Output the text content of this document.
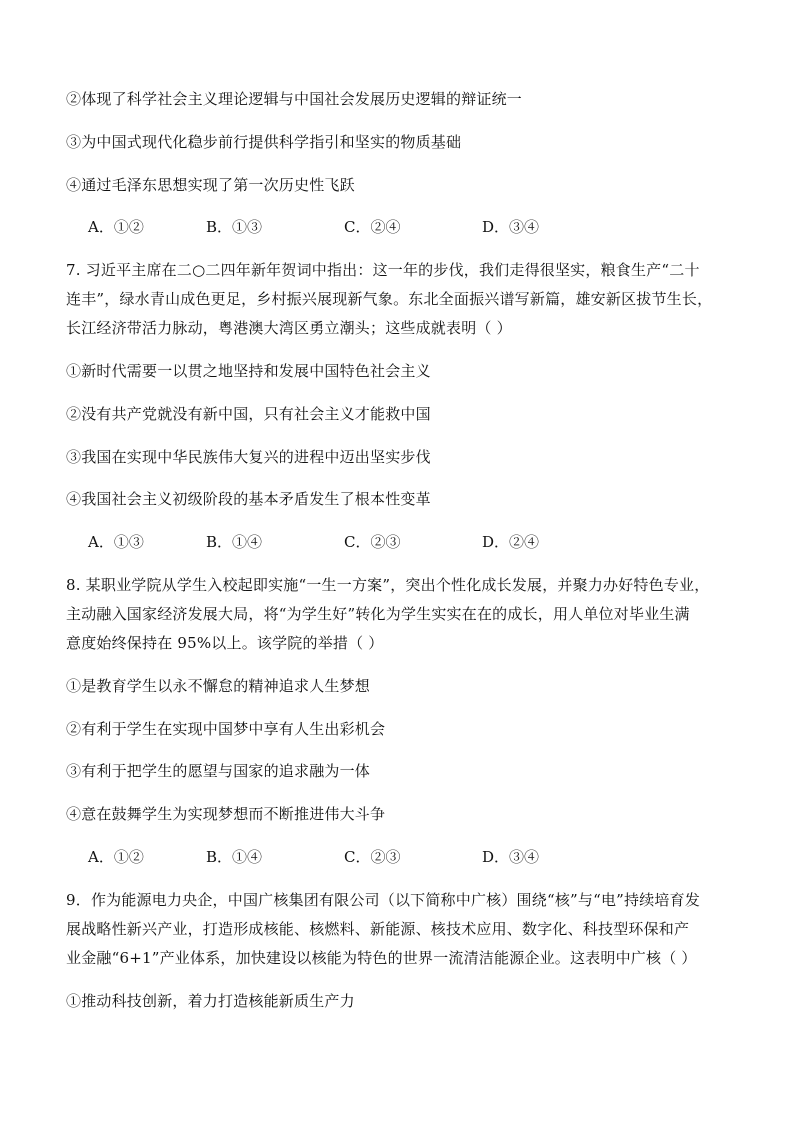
②体现了科学社会主义理论逻辑与中国社会发展历史逻辑的辩证统一
③为中国式现代化稳步前行提供科学指引和坚实的物质基础
④通过毛泽东思想实现了第一次历史性飞跃
A．①②	B．①③	C．②④	D．③④
7. 习近平主席在二○二四年新年贺词中指出：这一年的步伐，我们走得很坚实，粮食生产“二十
连丰”，绿水青山成色更足，乡村振兴展现新气象。东北全面振兴谱写新篇，雄安新区拔节生长，
长江经济带活力脉动，粤港澳大湾区勇立潮头；这些成就表明（ ）
①新时代需要一以贯之地坚持和发展中国特色社会主义
②没有共产党就没有新中国，只有社会主义才能救中国
③我国在实现中华民族伟大复兴的进程中迈出坚实步伐
④我国社会主义初级阶段的基本矛盾发生了根本性变革
A．①③	B．①④	C．②③	D．②④
8. 某职业学院从学生入校起即实施“一生一方案”，突出个性化成长发展，并聚力办好特色专业，
主动融入国家经济发展大局，将“为学生好”转化为学生实实在在的成长，用人单位对毕业生满
意度始终保持在 95%以上。该学院的举措（ ）
①是教育学生以永不懈怠的精神追求人生梦想
②有利于学生在实现中国梦中享有人生出彩机会
③有利于把学生的愿望与国家的追求融为一体
④意在鼓舞学生为实现梦想而不断推进伟大斗争
A．①②	B．①④	C．②③	D．③④
9．作为能源电力央企，中国广核集团有限公司（以下简称中广核）围绕“核”与“电”持续培育发
展战略性新兴产业，打造形成核能、核燃料、新能源、核技术应用、数字化、科技型环保和产
业金融“6+1”产业体系，加快建设以核能为特色的世界一流清洁能源企业。这表明中广核（ ）
①推动科技创新，着力打造核能新质生产力
